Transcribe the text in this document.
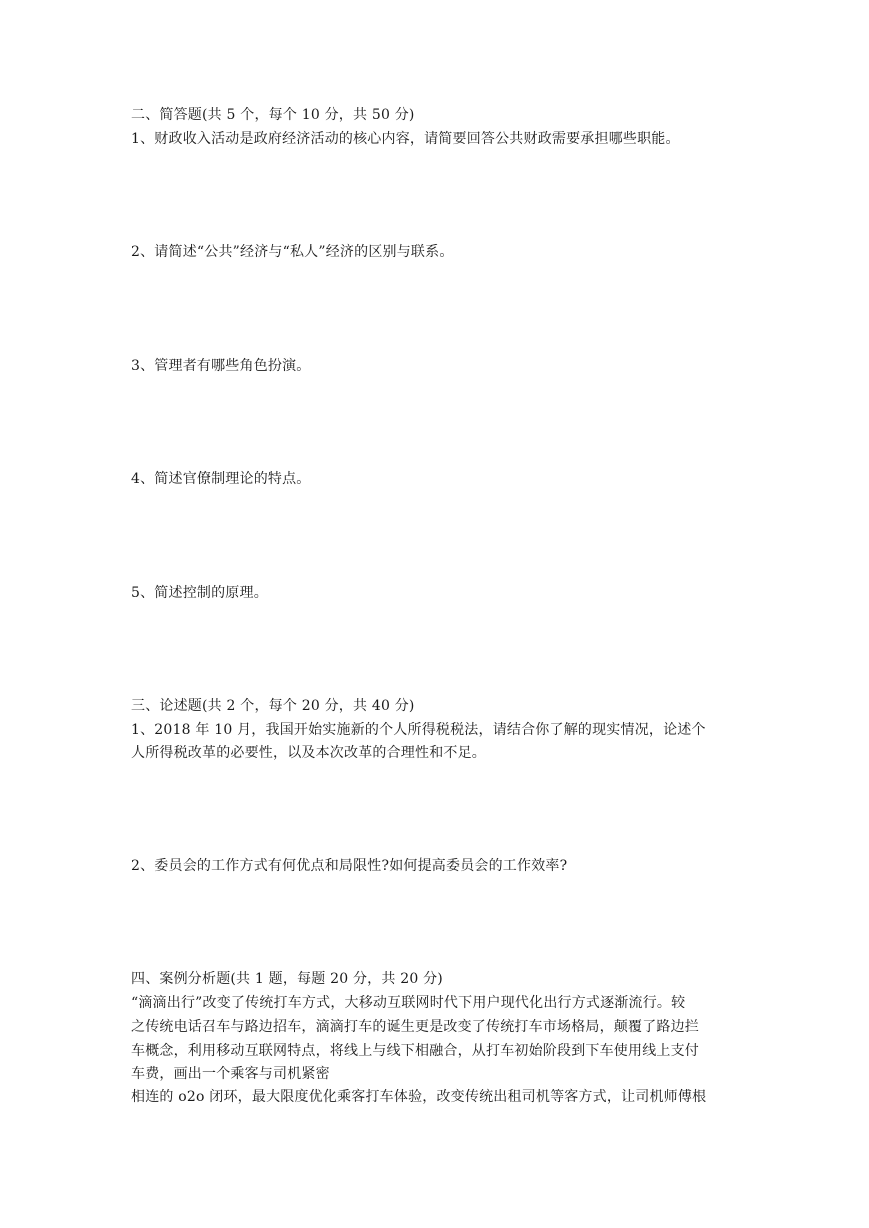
二、简答题(共 5 个，每个 10 分，共 50 分)
1、财政收入活动是政府经济活动的核心内容，请简要回答公共财政需要承担哪些职能。
2、请简述“公共”经济与“私人”经济的区别与联系。
3、管理者有哪些角色扮演。
4、简述官僚制理论的特点。
5、简述控制的原理。
三、论述题(共 2 个，每个 20 分，共 40 分)
1、2018 年 10 月，我国开始实施新的个人所得税税法，请结合你了解的现实情况，论述个
人所得税改革的必要性，以及本次改革的合理性和不足。
2、委员会的工作方式有何优点和局限性?如何提高委员会的工作效率?
四、案例分析题(共 1 题，每题 20 分，共 20 分)
“滴滴出行”改变了传统打车方式，大移动互联网时代下用户现代化出行方式逐渐流行。较
之传统电话召车与路边招车，滴滴打车的诞生更是改变了传统打车市场格局，颠覆了路边拦
车概念，利用移动互联网特点，将线上与线下相融合，从打车初始阶段到下车使用线上支付
车费，画出一个乘客与司机紧密
相连的 o2o 闭环，最大限度优化乘客打车体验，改变传统出租司机等客方式，让司机师傅根
